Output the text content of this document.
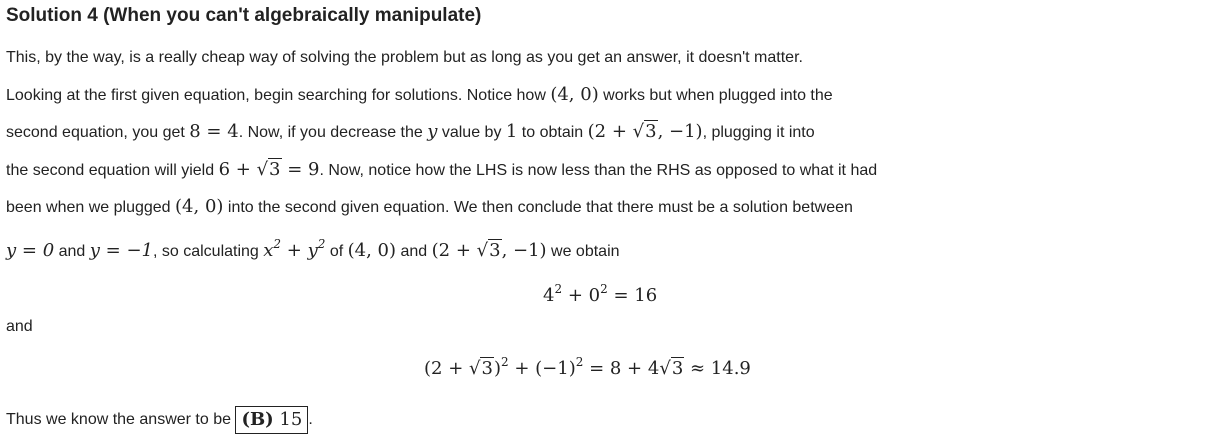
Solution 4 (When you can't algebraically manipulate)
This, by the way, is a really cheap way of solving the problem but as long as you get an answer, it doesn't matter.
Looking at the first given equation, begin searching for solutions. Notice how (4, 0) works but when plugged into the
second equation, you get 8 = 4. Now, if you decrease the y value by 1 to obtain (2 + √3, −1), plugging it into
the second equation will yield 6 + √3 = 9. Now, notice how the LHS is now less than the RHS as opposed to what it had
been when we plugged (4, 0) into the second given equation. We then conclude that there must be a solution between
y = 0 and y = −1, so calculating $x^2 + y^2$ of (4, 0) and (2 + √3, −1) we obtain
$4^2 + 0^2 = 16$
and
$(2 + √3)^2 + (-1)^2 = 8 + 4√3 \approx 14.9$
Thus we know the answer to be (B) 15 .
